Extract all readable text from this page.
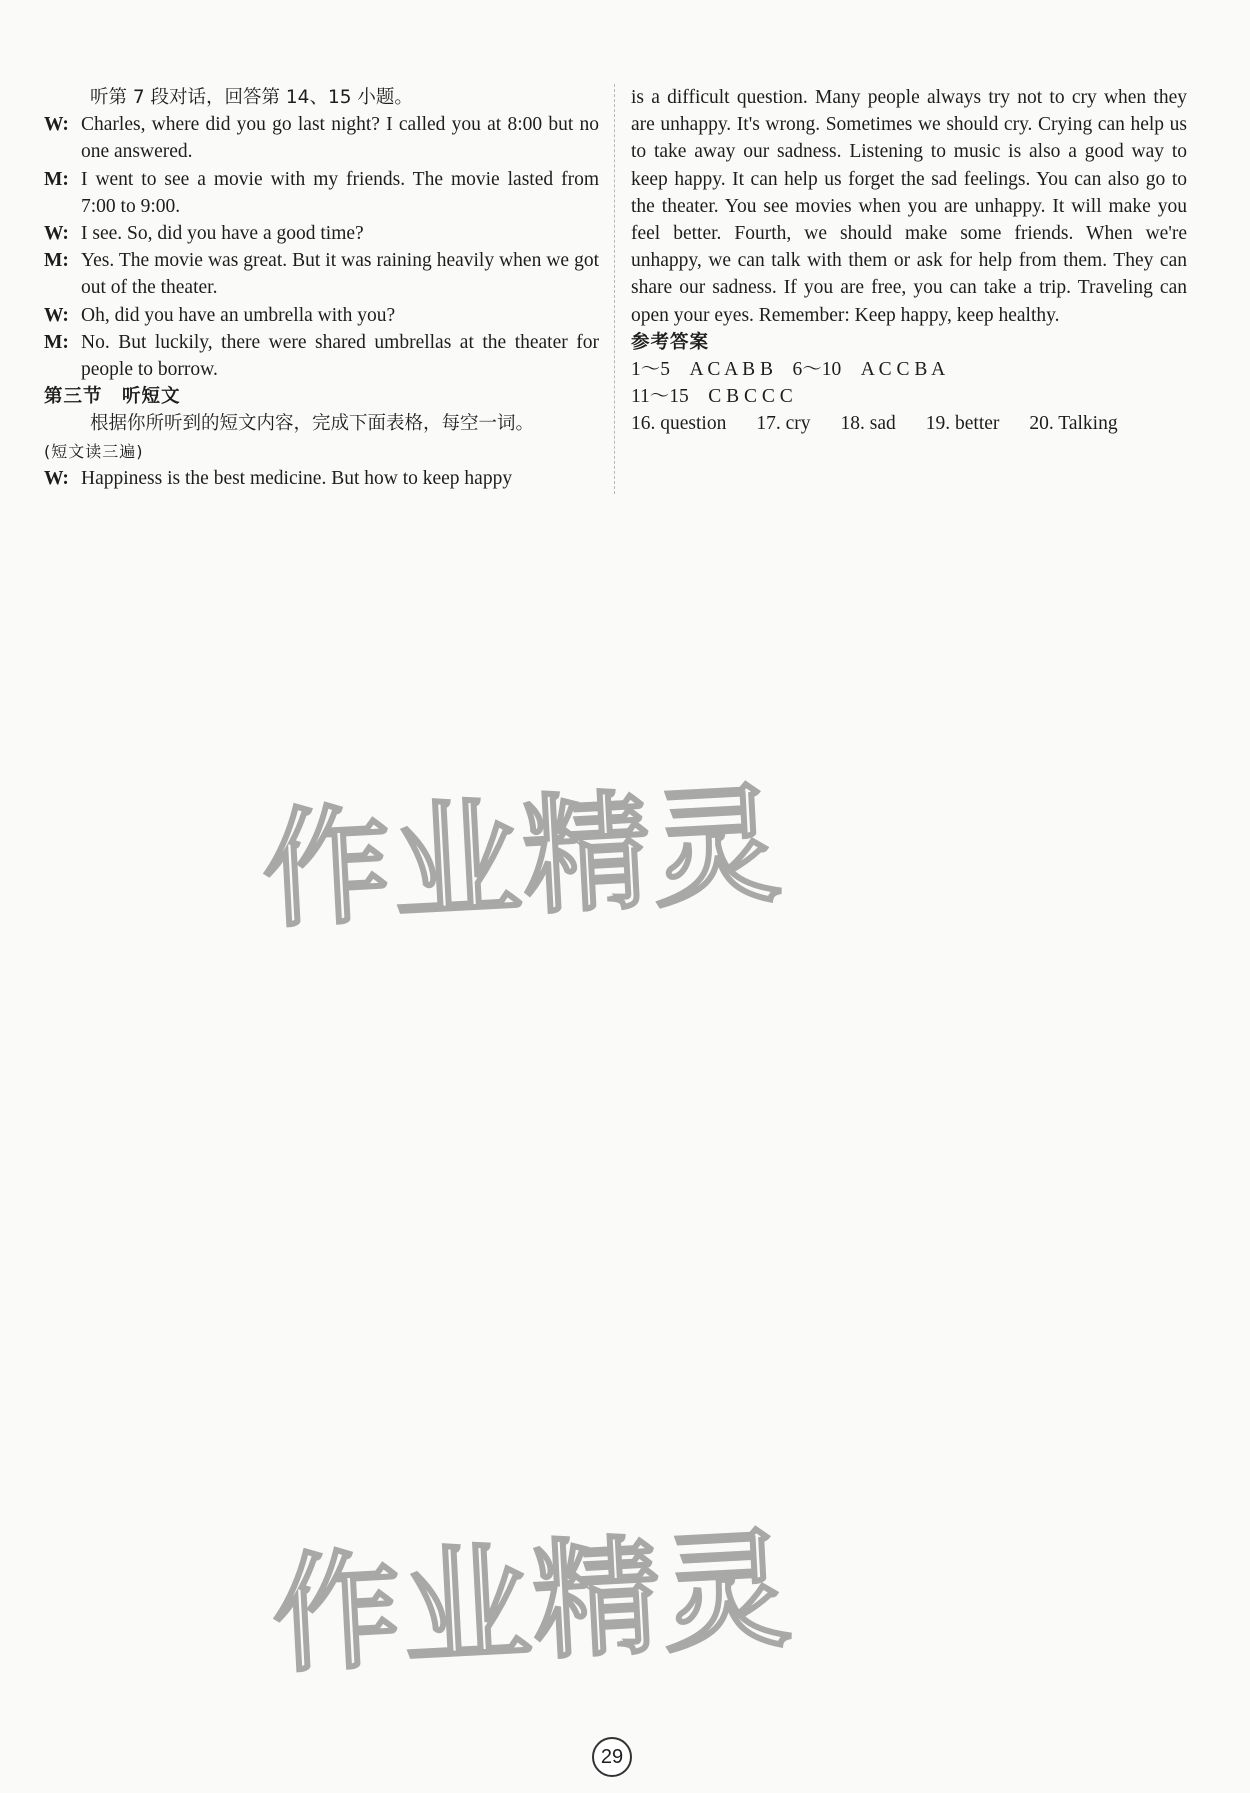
听第 7 段对话，回答第 14、15 小题。

W: Charles, where did you go last night? I called you at 8:00 but no one answered.
M: I went to see a movie with my friends. The movie lasted from 7:00 to 9:00.
W: I see. So, did you have a good time?
M: Yes. The movie was great. But it was raining heavily when we got out of the theater.
W: Oh, did you have an umbrella with you?
M: No. But luckily, there were shared umbrellas at the theater for people to borrow.

第三节　听短文

根据你所听到的短文内容，完成下面表格，每空一词。

(短文读三遍)

W: Happiness is the best medicine. But how to keep happy

is a difficult question. Many people always try not to cry when they are unhappy. It's wrong. Sometimes we should cry. Crying can help us to take away our sadness. Listening to music is also a good way to keep happy. It can help us forget the sad feelings. You can also go to the theater. You see movies when you are unhappy. It will make you feel better. Fourth, we should make some friends. When we're unhappy, we can talk with them or ask for help from them. They can share our sadness. If you are free, you can take a trip. Traveling can open your eyes. Remember: Keep happy, keep healthy.

参考答案

1～5　A C A B B　6～10　A C C B A

11～15　C B C C C

16. question 17. cry 18. sad 19. better 20. Talking

作业精灵
作业精灵
29
